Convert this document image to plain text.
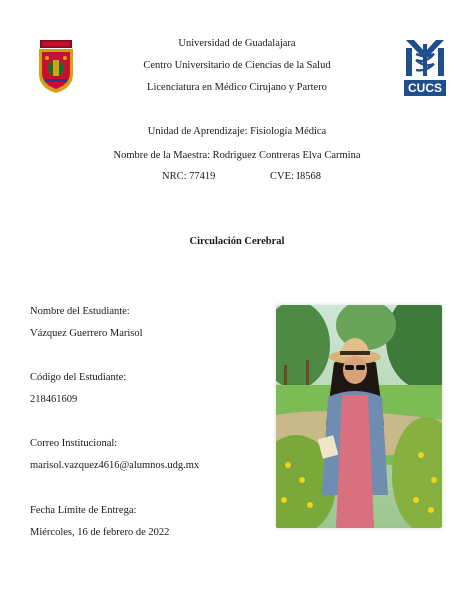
CUCS
Universidad de Guadalajara
Centro Universitario de Ciencias de la Salud
Licenciatura en Médico Cirujano y Partero
Unidad de Aprendizaje: Fisiología Médica
Nombre de la Maestra: Rodriguez Contreras Elva Carmina
NRC: 77419	CVE: I8568
Circulación Cerebral
Nombre del Estudiante:
Vázquez Guerrero Marisol
Código del Estudiante:
218461609
Correo Institucional:
marisol.vazquez4616@alumnos.udg.mx
Fecha Límite de Entrega:
Miércoles, 16 de febrero de 2022
